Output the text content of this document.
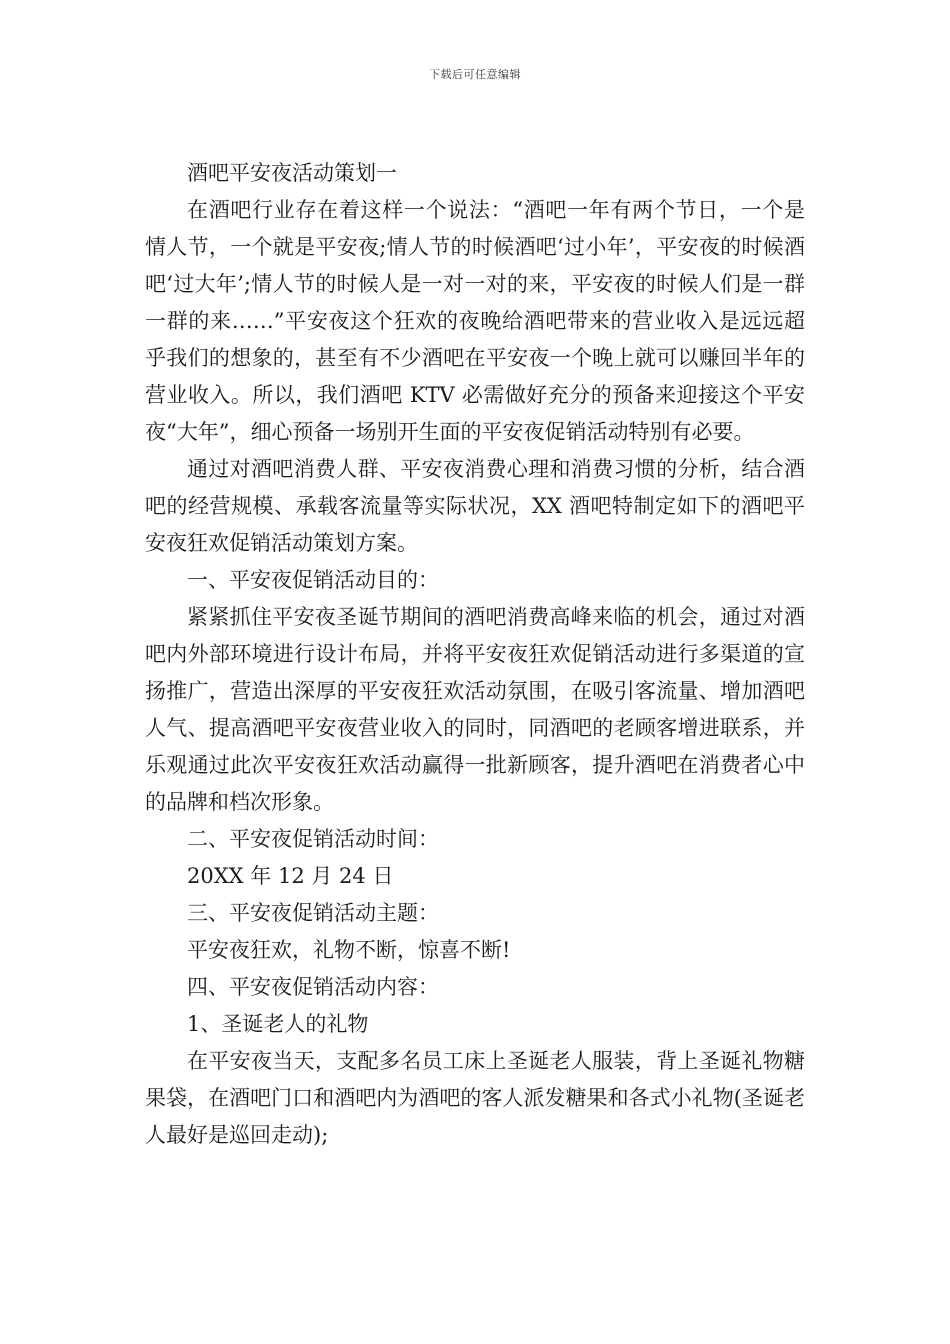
下载后可任意编辑

酒吧平安夜活动策划一

在酒吧行业存在着这样一个说法：“酒吧一年有两个节日，一个是情人节，一个就是平安夜;情人节的时候酒吧‘过小年’，平安夜的时候酒吧‘过大年’;情人节的时候人是一对一对的来，平安夜的时候人们是一群一群的来……”平安夜这个狂欢的夜晚给酒吧带来的营业收入是远远超乎我们的想象的，甚至有不少酒吧在平安夜一个晚上就可以赚回半年的营业收入。所以，我们酒吧 KTV 必需做好充分的预备来迎接这个平安夜“大年”，细心预备一场别开生面的平安夜促销活动特别有必要。

通过对酒吧消费人群、平安夜消费心理和消费习惯的分析，结合酒吧的经营规模、承载客流量等实际状况，XX 酒吧特制定如下的酒吧平安夜狂欢促销活动策划方案。

一、平安夜促销活动目的：

紧紧抓住平安夜圣诞节期间的酒吧消费高峰来临的机会，通过对酒吧内外部环境进行设计布局，并将平安夜狂欢促销活动进行多渠道的宣扬推广，营造出深厚的平安夜狂欢活动氛围，在吸引客流量、增加酒吧人气、提高酒吧平安夜营业收入的同时，同酒吧的老顾客增进联系，并乐观通过此次平安夜狂欢活动赢得一批新顾客，提升酒吧在消费者心中的品牌和档次形象。

二、平安夜促销活动时间：

20XX 年 12 月 24 日

三、平安夜促销活动主题：

平安夜狂欢，礼物不断，惊喜不断!

四、平安夜促销活动内容：

1、圣诞老人的礼物

在平安夜当天，支配多名员工床上圣诞老人服装，背上圣诞礼物糖果袋，在酒吧门口和酒吧内为酒吧的客人派发糖果和各式小礼物(圣诞老人最好是巡回走动);
